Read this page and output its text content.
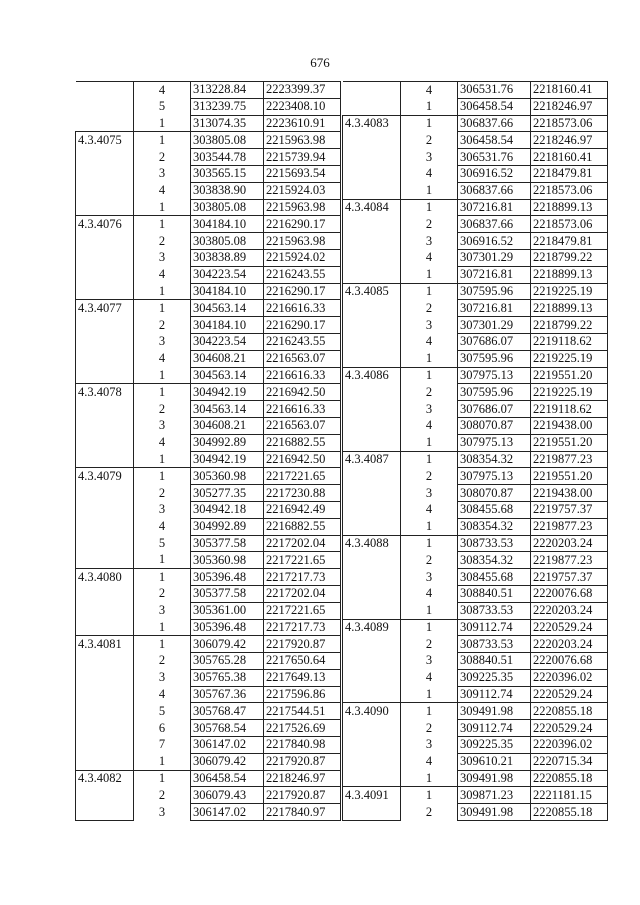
676
	4	313228.84	2223399.37
	5	313239.75	2223408.10
	1	313074.35	2223610.91
4.3.4075	1	303805.08	2215963.98
	2	303544.78	2215739.94
	3	303565.15	2215693.54
	4	303838.90	2215924.03
	1	303805.08	2215963.98
4.3.4076	1	304184.10	2216290.17
	2	303805.08	2215963.98
	3	303838.89	2215924.02
	4	304223.54	2216243.55
	1	304184.10	2216290.17
4.3.4077	1	304563.14	2216616.33
	2	304184.10	2216290.17
	3	304223.54	2216243.55
	4	304608.21	2216563.07
	1	304563.14	2216616.33
4.3.4078	1	304942.19	2216942.50
	2	304563.14	2216616.33
	3	304608.21	2216563.07
	4	304992.89	2216882.55
	1	304942.19	2216942.50
4.3.4079	1	305360.98	2217221.65
	2	305277.35	2217230.88
	3	304942.18	2216942.49
	4	304992.89	2216882.55
	5	305377.58	2217202.04
	1	305360.98	2217221.65
4.3.4080	1	305396.48	2217217.73
	2	305377.58	2217202.04
	3	305361.00	2217221.65
	1	305396.48	2217217.73
4.3.4081	1	306079.42	2217920.87
	2	305765.28	2217650.64
	3	305765.38	2217649.13
	4	305767.36	2217596.86
	5	305768.47	2217544.51
	6	305768.54	2217526.69
	7	306147.02	2217840.98
	1	306079.42	2217920.87
4.3.4082	1	306458.54	2218246.97
	2	306079.43	2217920.87
	3	306147.02	2217840.97
	4	306531.76	2218160.41
	1	306458.54	2218246.97
4.3.4083	1	306837.66	2218573.06
	2	306458.54	2218246.97
	3	306531.76	2218160.41
	4	306916.52	2218479.81
	1	306837.66	2218573.06
4.3.4084	1	307216.81	2218899.13
	2	306837.66	2218573.06
	3	306916.52	2218479.81
	4	307301.29	2218799.22
	1	307216.81	2218899.13
4.3.4085	1	307595.96	2219225.19
	2	307216.81	2218899.13
	3	307301.29	2218799.22
	4	307686.07	2219118.62
	1	307595.96	2219225.19
4.3.4086	1	307975.13	2219551.20
	2	307595.96	2219225.19
	3	307686.07	2219118.62
	4	308070.87	2219438.00
	1	307975.13	2219551.20
4.3.4087	1	308354.32	2219877.23
	2	307975.13	2219551.20
	3	308070.87	2219438.00
	4	308455.68	2219757.37
	1	308354.32	2219877.23
4.3.4088	1	308733.53	2220203.24
	2	308354.32	2219877.23
	3	308455.68	2219757.37
	4	308840.51	2220076.68
	1	308733.53	2220203.24
4.3.4089	1	309112.74	2220529.24
	2	308733.53	2220203.24
	3	308840.51	2220076.68
	4	309225.35	2220396.02
	1	309112.74	2220529.24
4.3.4090	1	309491.98	2220855.18
	2	309112.74	2220529.24
	3	309225.35	2220396.02
	4	309610.21	2220715.34
	1	309491.98	2220855.18
4.3.4091	1	309871.23	2221181.15
	2	309491.98	2220855.18
